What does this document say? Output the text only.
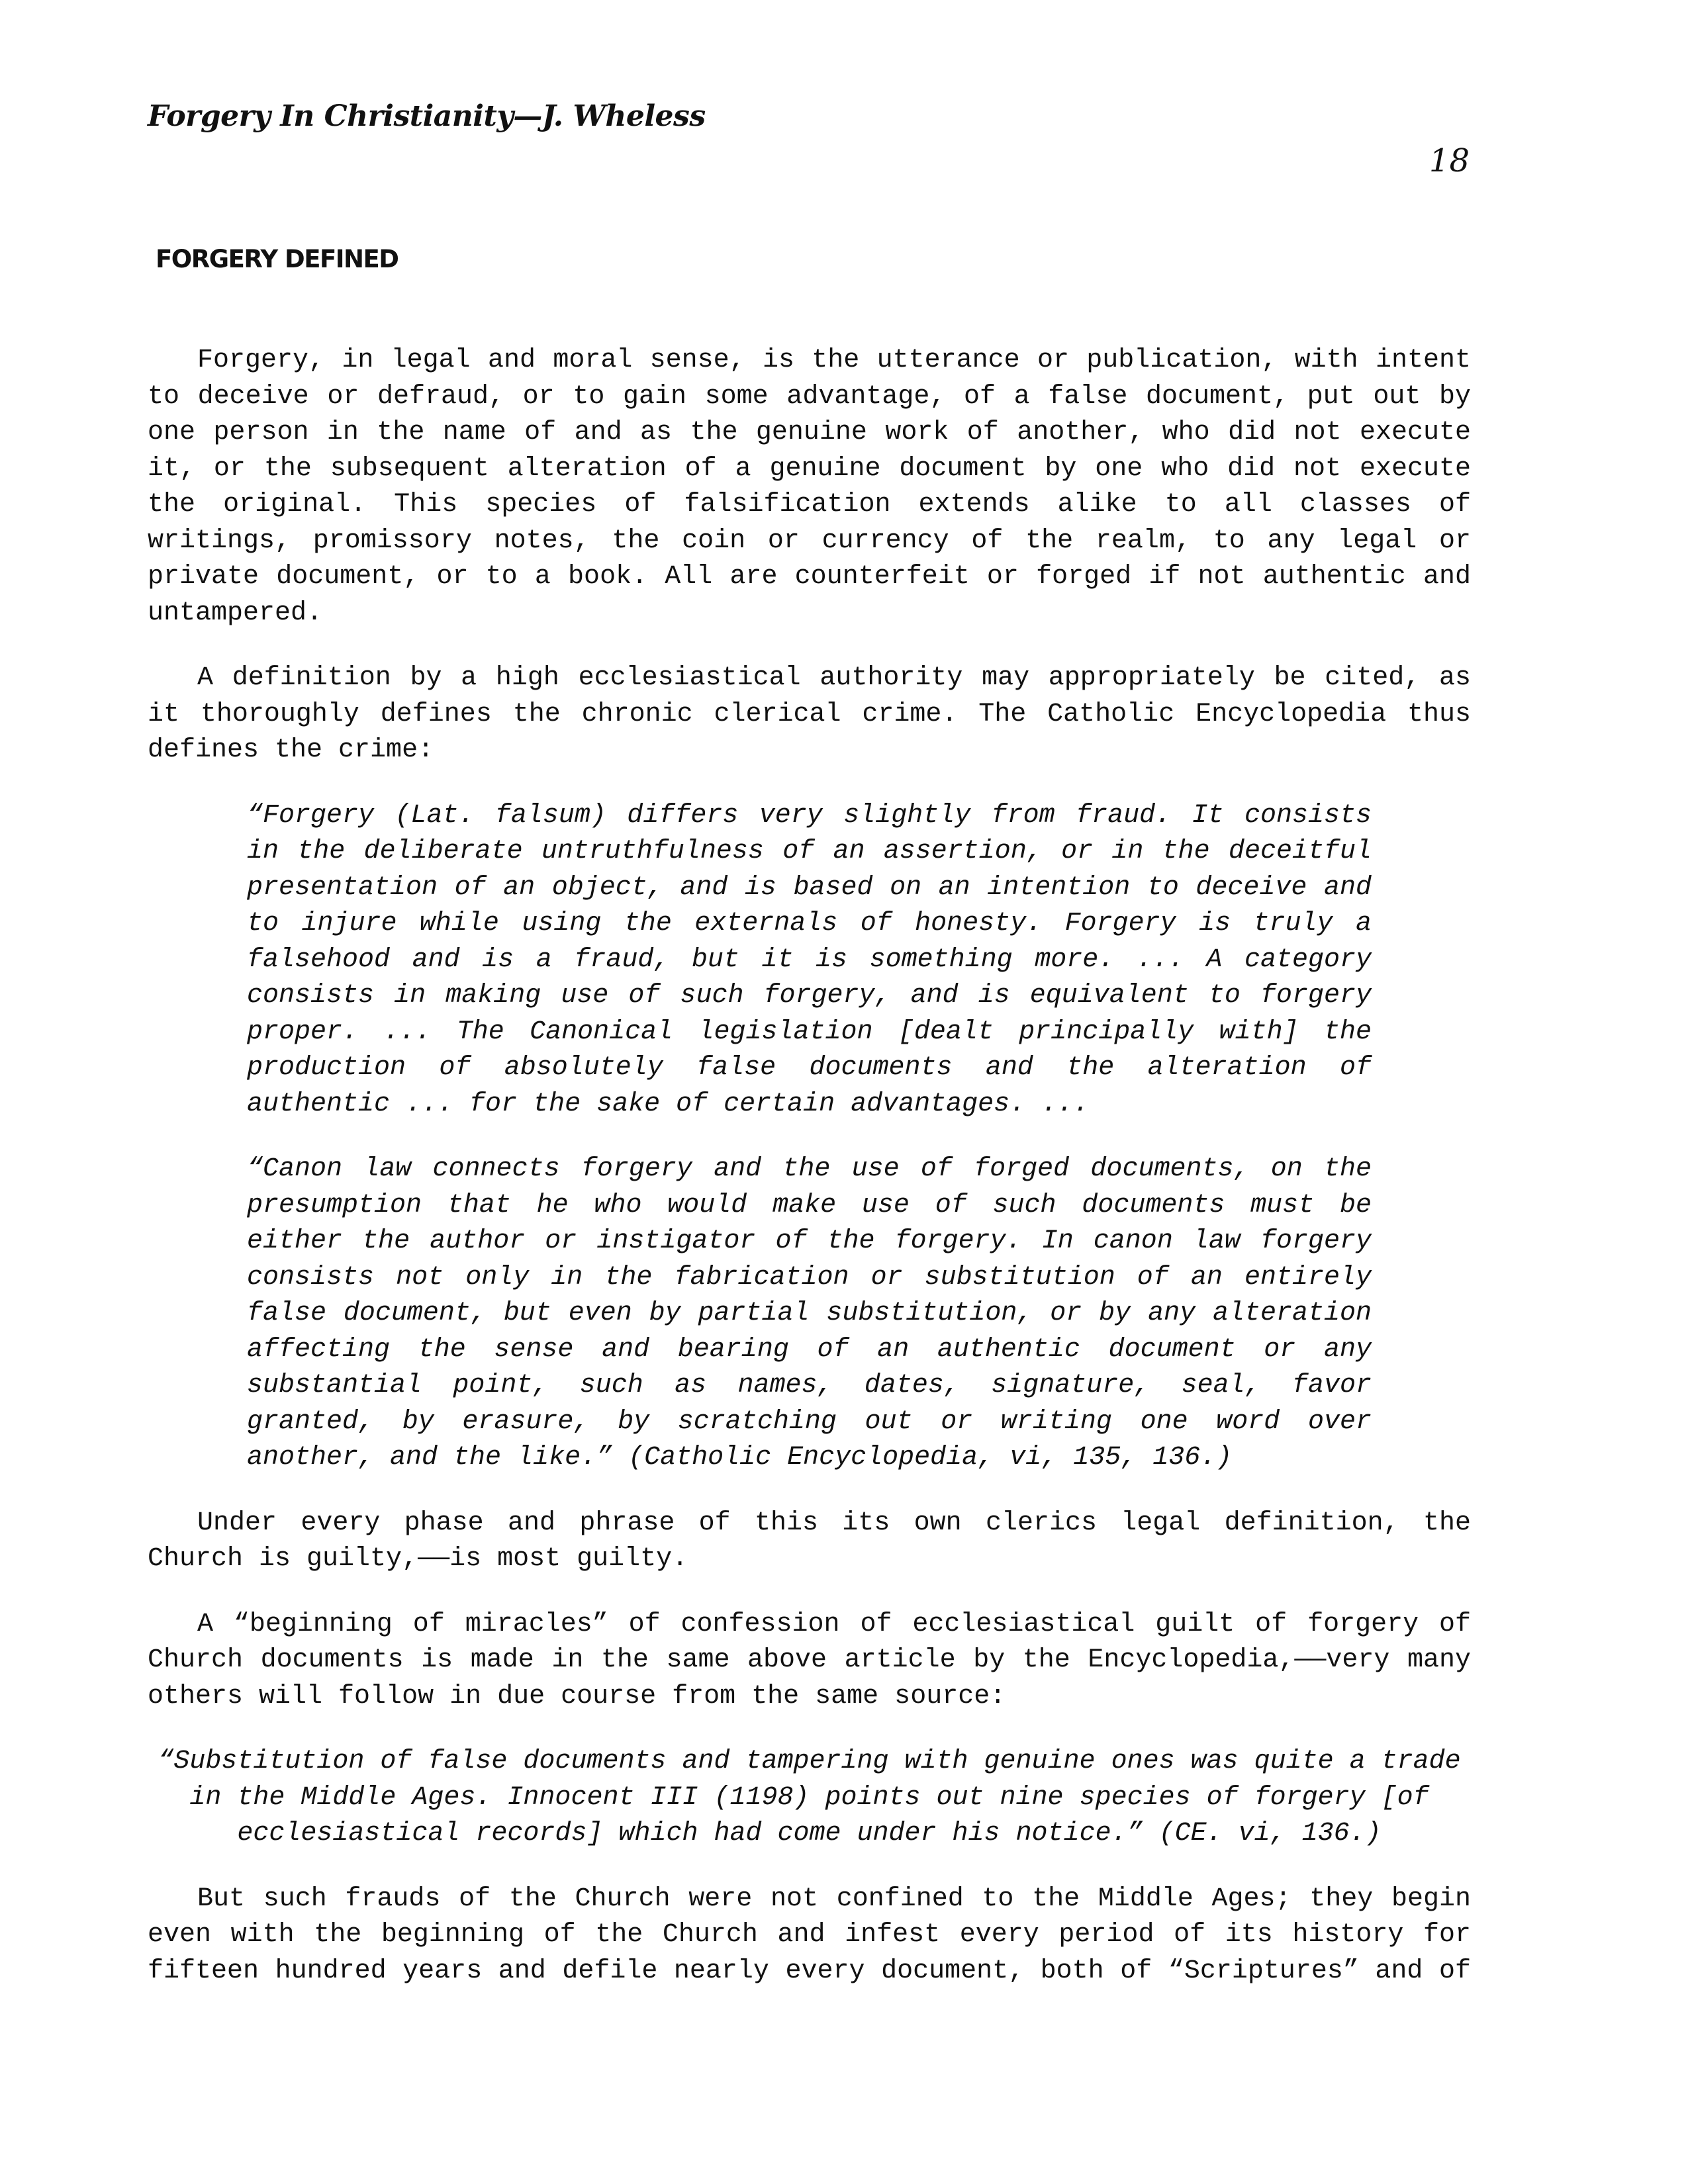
Forgery In Christianity—J. Wheless
18
FORGERY DEFINED

Forgery, in legal and moral sense, is the utterance or publication, with intent to deceive or defraud, or to gain some advantage, of a false document, put out by one person in the name of and as the genuine work of another, who did not execute it, or the subsequent alteration of a genuine document by one who did not execute the original. This species of falsification extends alike to all classes of writings, promissory notes, the coin or currency of the realm, to any legal or private document, or to a book. All are counterfeit or forged if not authentic and untampered.

A definition by a high ecclesiastical authority may appropriately be cited, as it thoroughly defines the chronic clerical crime. The Catholic Encyclopedia thus defines the crime:

“Forgery (Lat. falsum) differs very slightly from fraud. It consists in the deliberate untruthfulness of an assertion, or in the deceitful presentation of an object, and is based on an intention to deceive and to injure while using the externals of honesty. Forgery is truly a falsehood and is a fraud, but it is something more. ... A category consists in making use of such forgery, and is equivalent to forgery proper. ... The Canonical legislation [dealt principally with] the production of absolutely false documents and the alteration of authentic ... for the sake of certain advantages. ...

“Canon law connects forgery and the use of forged documents, on the presumption that he who would make use of such documents must be either the author or instigator of the forgery. In canon law forgery consists not only in the fabrication or substitution of an entirely false document, but even by partial substitution, or by any alteration affecting the sense and bearing of an authentic document or any substantial point, such as names, dates, signature, seal, favor granted, by erasure, by scratching out or writing one word over another, and the like.” (Catholic Encyclopedia, vi, 135, 136.)

Under every phase and phrase of this its own clerics legal definition, the Church is guilty,——is most guilty.

A “beginning of miracles” of confession of ecclesiastical guilt of forgery of Church documents is made in the same above article by the Encyclopedia,——very many others will follow in due course from the same source:

“Substitution of false documents and tampering with genuine ones was quite a trade in the Middle Ages. Innocent III (1198) points out nine species of forgery [of ecclesiastical records] which had come under his notice.” (CE. vi, 136.)

But such frauds of the Church were not confined to the Middle Ages; they begin even with the beginning of the Church and infest every period of its history for fifteen hundred years and defile nearly every document, both of “Scriptures” and of
